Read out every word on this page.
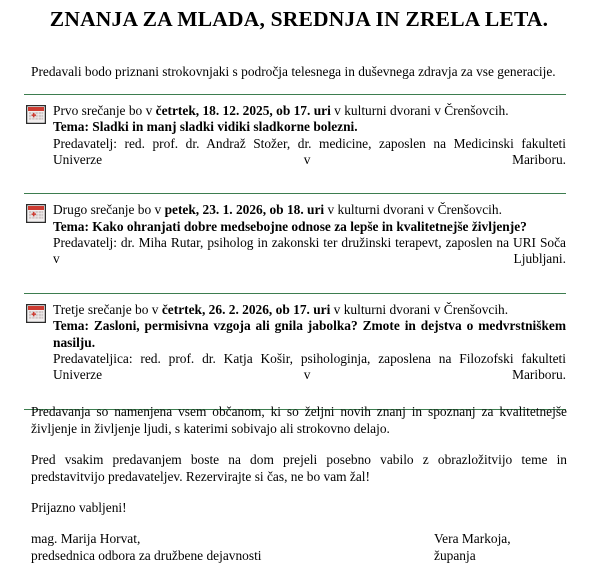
ZNANJA ZA MLADA, SREDNJA IN ZRELA LETA.
Predavali bodo priznani strokovnjaki s področja telesnega in duševnega zdravja za vse generacije.
Prvo srečanje bo v četrtek, 18. 12. 2025, ob 17. uri v kulturni dvorani v Črenšovcih.
Tema: Sladki in manj sladki vidiki sladkorne bolezni.
Predavatelj: red. prof. dr. Andraž Stožer, dr. medicine, zaposlen na Medicinski fakulteti Univerze v Mariboru.
Drugo srečanje bo v petek, 23. 1. 2026, ob 18. uri v kulturni dvorani v Črenšovcih.
Tema: Kako ohranjati dobre medsebojne odnose za lepše in kvalitetnejše življenje?
Predavatelj: dr. Miha Rutar, psiholog in zakonski ter družinski terapevt, zaposlen na URI Soča v Ljubljani.
Tretje srečanje bo v četrtek, 26. 2. 2026, ob 17. uri v kulturni dvorani v Črenšovcih.
Tema: Zasloni, permisivna vzgoja ali gnila jabolka? Zmote in dejstva o medvrstniškem nasilju.
Predavateljica: red. prof. dr. Katja Košir, psihologinja, zaposlena na Filozofski fakulteti Univerze v Mariboru.

Predavanja so namenjena vsem občanom, ki so željni novih znanj in spoznanj za kvalitetnejše življenje in življenje ljudi, s katerimi sobivajo ali strokovno delajo.

Pred vsakim predavanjem boste na dom prejeli posebno vabilo z obrazložitvijo teme in predstavitvijo predavateljev. Rezervirajte si čas, ne bo vam žal!

Prijazno vabljeni!

mag. Marija Horvat,
predsednica odbora za družbene dejavnosti
Vera Markoja,
županja
